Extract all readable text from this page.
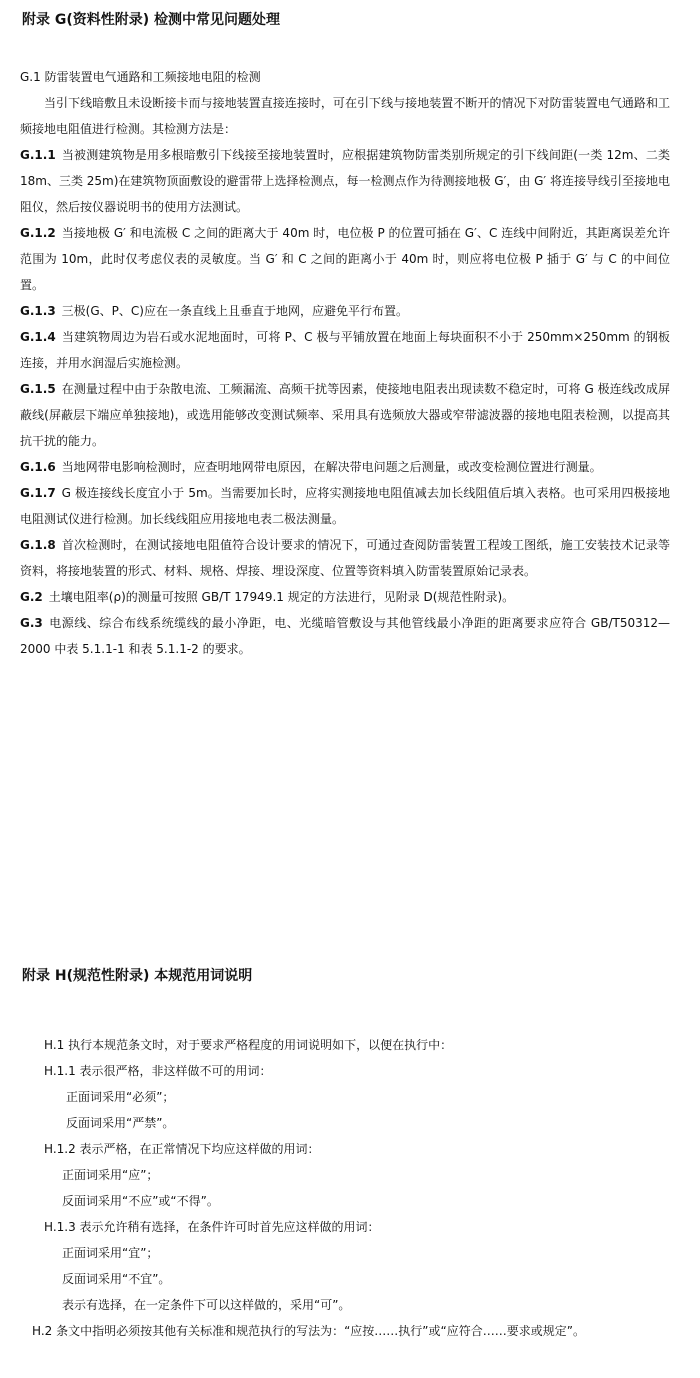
附录 G(资料性附录) 检测中常见问题处理

G.1 防雷装置电气通路和工频接地电阻的检测

当引下线暗敷且未设断接卡而与接地装置直接连接时，可在引下线与接地装置不断开的情况下对防雷装置电气通路和工频接地电阻值进行检测。其检测方法是：

G.1.1 当被测建筑物是用多根暗敷引下线接至接地装置时，应根据建筑物防雷类别所规定的引下线间距(一类 12m、二类 18m、三类 25m)在建筑物顶面敷设的避雷带上选择检测点，每一检测点作为待测接地极 G′，由 G′ 将连接导线引至接地电阻仪，然后按仪器说明书的使用方法测试。

G.1.2 当接地极 G′ 和电流极 C 之间的距离大于 40m 时，电位极 P 的位置可插在 G′、C 连线中间附近，其距离误差允许范围为 10m，此时仅考虑仪表的灵敏度。当 G′ 和 C 之间的距离小于 40m 时，则应将电位极 P 插于 G′ 与 C 的中间位置。

G.1.3 三极(G、P、C)应在一条直线上且垂直于地网，应避免平行布置。

G.1.4 当建筑物周边为岩石或水泥地面时，可将 P、C 极与平铺放置在地面上每块面积不小于 250mm×250mm 的钢板连接，并用水润湿后实施检测。

G.1.5 在测量过程中由于杂散电流、工频漏流、高频干扰等因素，使接地电阻表出现读数不稳定时，可将 G 极连线改成屏蔽线(屏蔽层下端应单独接地)，或选用能够改变测试频率、采用具有选频放大器或窄带滤波器的接地电阻表检测，以提高其抗干扰的能力。

G.1.6 当地网带电影响检测时，应查明地网带电原因，在解决带电问题之后测量，或改变检测位置进行测量。

G.1.7 G 极连接线长度宜小于 5m。当需要加长时，应将实测接地电阻值减去加长线阻值后填入表格。也可采用四极接地电阻测试仪进行检测。加长线线阻应用接地电表二极法测量。

G.1.8 首次检测时，在测试接地电阻值符合设计要求的情况下，可通过查阅防雷装置工程竣工图纸，施工安装技术记录等资料，将接地装置的形式、材料、规格、焊接、埋设深度、位置等资料填入防雷装置原始记录表。

G.2 土壤电阻率(ρ)的测量可按照 GB/T 17949.1 规定的方法进行，见附录 D(规范性附录)。

G.3 电源线、综合布线系统缆线的最小净距，电、光缆暗管敷设与其他管线最小净距的距离要求应符合 GB/T50312—2000 中表 5.1.1-1 和表 5.1.1-2 的要求。

附录 H(规范性附录) 本规范用词说明

H.1 执行本规范条文时，对于要求严格程度的用词说明如下，以便在执行中：

H.1.1 表示很严格，非这样做不可的用词：

正面词采用“必须”；

反面词采用“严禁”。

H.1.2 表示严格，在正常情况下均应这样做的用词：

正面词采用“应”；

反面词采用“不应”或“不得”。

H.1.3 表示允许稍有选择，在条件许可时首先应这样做的用词：

正面词采用“宜”；

反面词采用“不宜”。

表示有选择，在一定条件下可以这样做的，采用“可”。

H.2 条文中指明必须按其他有关标准和规范执行的写法为：“应按……执行”或“应符合……要求或规定”。
